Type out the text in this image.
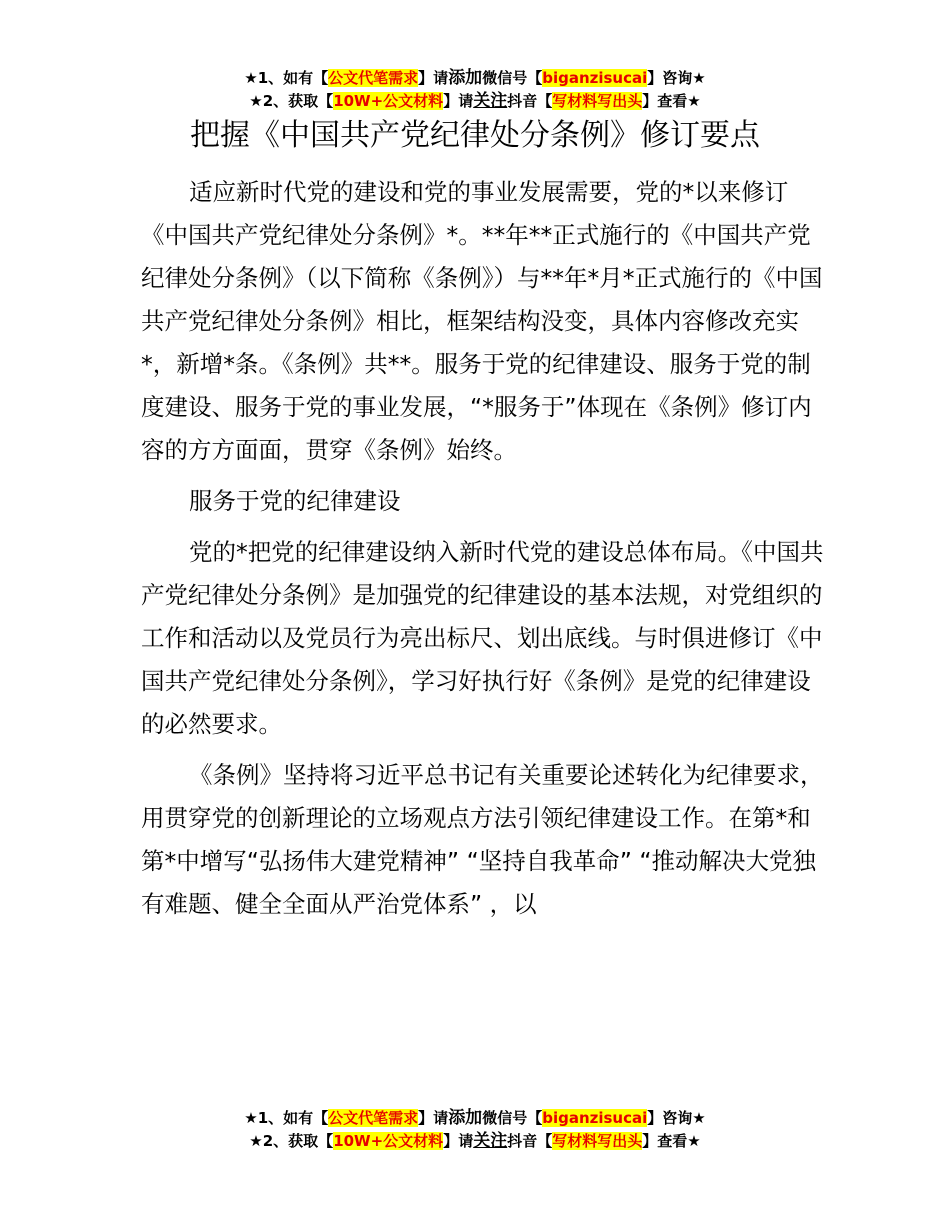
★1、如有【公文代笔需求】请添加微信号【biganzisucai】咨询★
★2、获取【10W+公文材料】请关注抖音【写材料写出头】查看★
把握《中国共产党纪律处分条例》修订要点

适应新时代党的建设和党的事业发展需要，党的*以来修订《中国共产党纪律处分条例》*。**年**正式施行的《中国共产党纪律处分条例》（以下简称《条例》）与**年*月*正式施行的《中国共产党纪律处分条例》相比，框架结构没变，具体内容修改充实*，新增*条。《条例》共**。服务于党的纪律建设、服务于党的制度建设、服务于党的事业发展，“*服务于”体现在《条例》修订内容的方方面面，贯穿《条例》始终。

服务于党的纪律建设

党的*把党的纪律建设纳入新时代党的建设总体布局。《中国共产党纪律处分条例》是加强党的纪律建设的基本法规，对党组织的工作和活动以及党员行为亮出标尺、划出底线。与时俱进修订《中国共产党纪律处分条例》，学习好执行好《条例》是党的纪律建设的必然要求。

《条例》坚持将习近平总书记有关重要论述转化为纪律要求，用贯穿党的创新理论的立场观点方法引领纪律建设工作。在第*和第*中增写“弘扬伟大建党精神” “坚持自我革命” “推动解决大党独有难题、健全全面从严治党体系” ，以

★1、如有【公文代笔需求】请添加微信号【biganzisucai】咨询★
★2、获取【10W+公文材料】请关注抖音【写材料写出头】查看★
